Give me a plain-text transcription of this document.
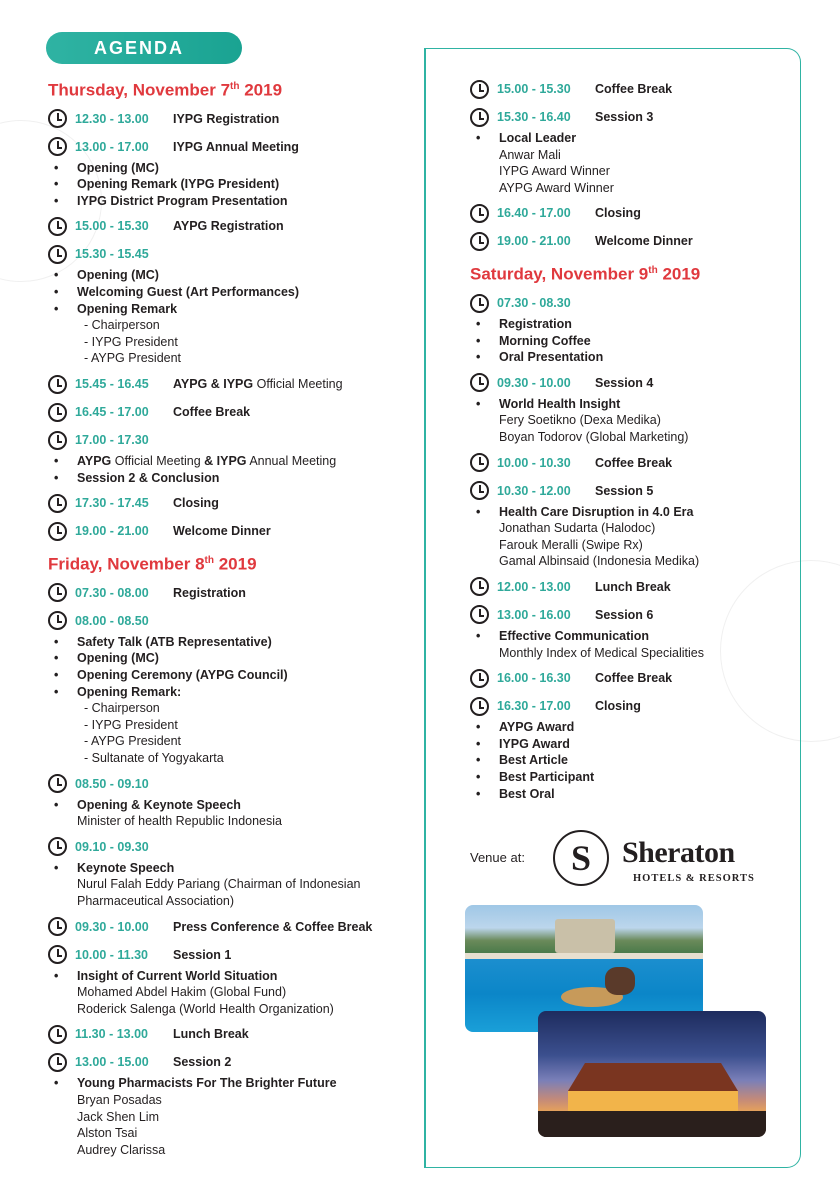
AGENDA
Thursday, November 7th 2019
12.30 - 13.00	IYPG Registration
13.00 - 17.00	IYPG Annual Meeting
• Opening (MC)
• Opening Remark (IYPG President)
• IYPG District Program Presentation
15.00 - 15.30	AYPG Registration
15.30 - 15.45
• Opening (MC)
• Welcoming Guest (Art Performances)
• Opening Remark
- Chairperson
- IYPG President
- AYPG President
15.45 - 16.45	AYPG & IYPG Official Meeting
16.45 - 17.00	Coffee Break
17.00 - 17.30
• AYPG Official Meeting & IYPG Annual Meeting
• Session 2 & Conclusion
17.30 - 17.45	Closing
19.00 - 21.00	Welcome Dinner
Friday, November 8th 2019
07.30 - 08.00	Registration
08.00 - 08.50
• Safety Talk (ATB Representative)
• Opening (MC)
• Opening Ceremony (AYPG Council)
• Opening Remark:
- Chairperson
- IYPG President
- AYPG President
- Sultanate of Yogyakarta
08.50 - 09.10
• Opening & Keynote Speech
Minister of health Republic Indonesia
09.10 - 09.30
• Keynote Speech
Nurul Falah Eddy Pariang (Chairman of Indonesian
Pharmaceutical Association)
09.30 - 10.00	Press Conference & Coffee Break
10.00 - 11.30	Session 1
• Insight of Current World Situation
Mohamed Abdel Hakim (Global Fund)
Roderick Salenga (World Health Organization)
11.30 - 13.00	Lunch Break
13.00 - 15.00	Session 2
• Young Pharmacists For The Brighter Future
Bryan Posadas
Jack Shen Lim
Alston Tsai
Audrey Clarissa
15.00 - 15.30	Coffee Break
15.30 - 16.40	Session 3
• Local Leader
Anwar Mali
IYPG Award Winner
AYPG Award Winner
16.40 - 17.00	Closing
19.00 - 21.00	Welcome Dinner
Saturday, November 9th 2019
07.30 - 08.30
• Registration
• Morning Coffee
• Oral Presentation
09.30 - 10.00	Session 4
• World Health Insight
Fery Soetikno (Dexa Medika)
Boyan Todorov (Global Marketing)
10.00 - 10.30	Coffee Break
10.30 - 12.00	Session 5
• Health Care Disruption in 4.0 Era
Jonathan Sudarta (Halodoc)
Farouk Meralli (Swipe Rx)
Gamal Albinsaid (Indonesia Medika)
12.00 - 13.00	Lunch Break
13.00 - 16.00	Session 6
• Effective Communication
Monthly Index of Medical Specialities
16.00 - 16.30	Coffee Break
16.30 - 17.00	Closing
• AYPG Award
• IYPG Award
• Best Article
• Best Participant
• Best Oral
Venue at: S Sheraton
HOTELS & RESORTS
